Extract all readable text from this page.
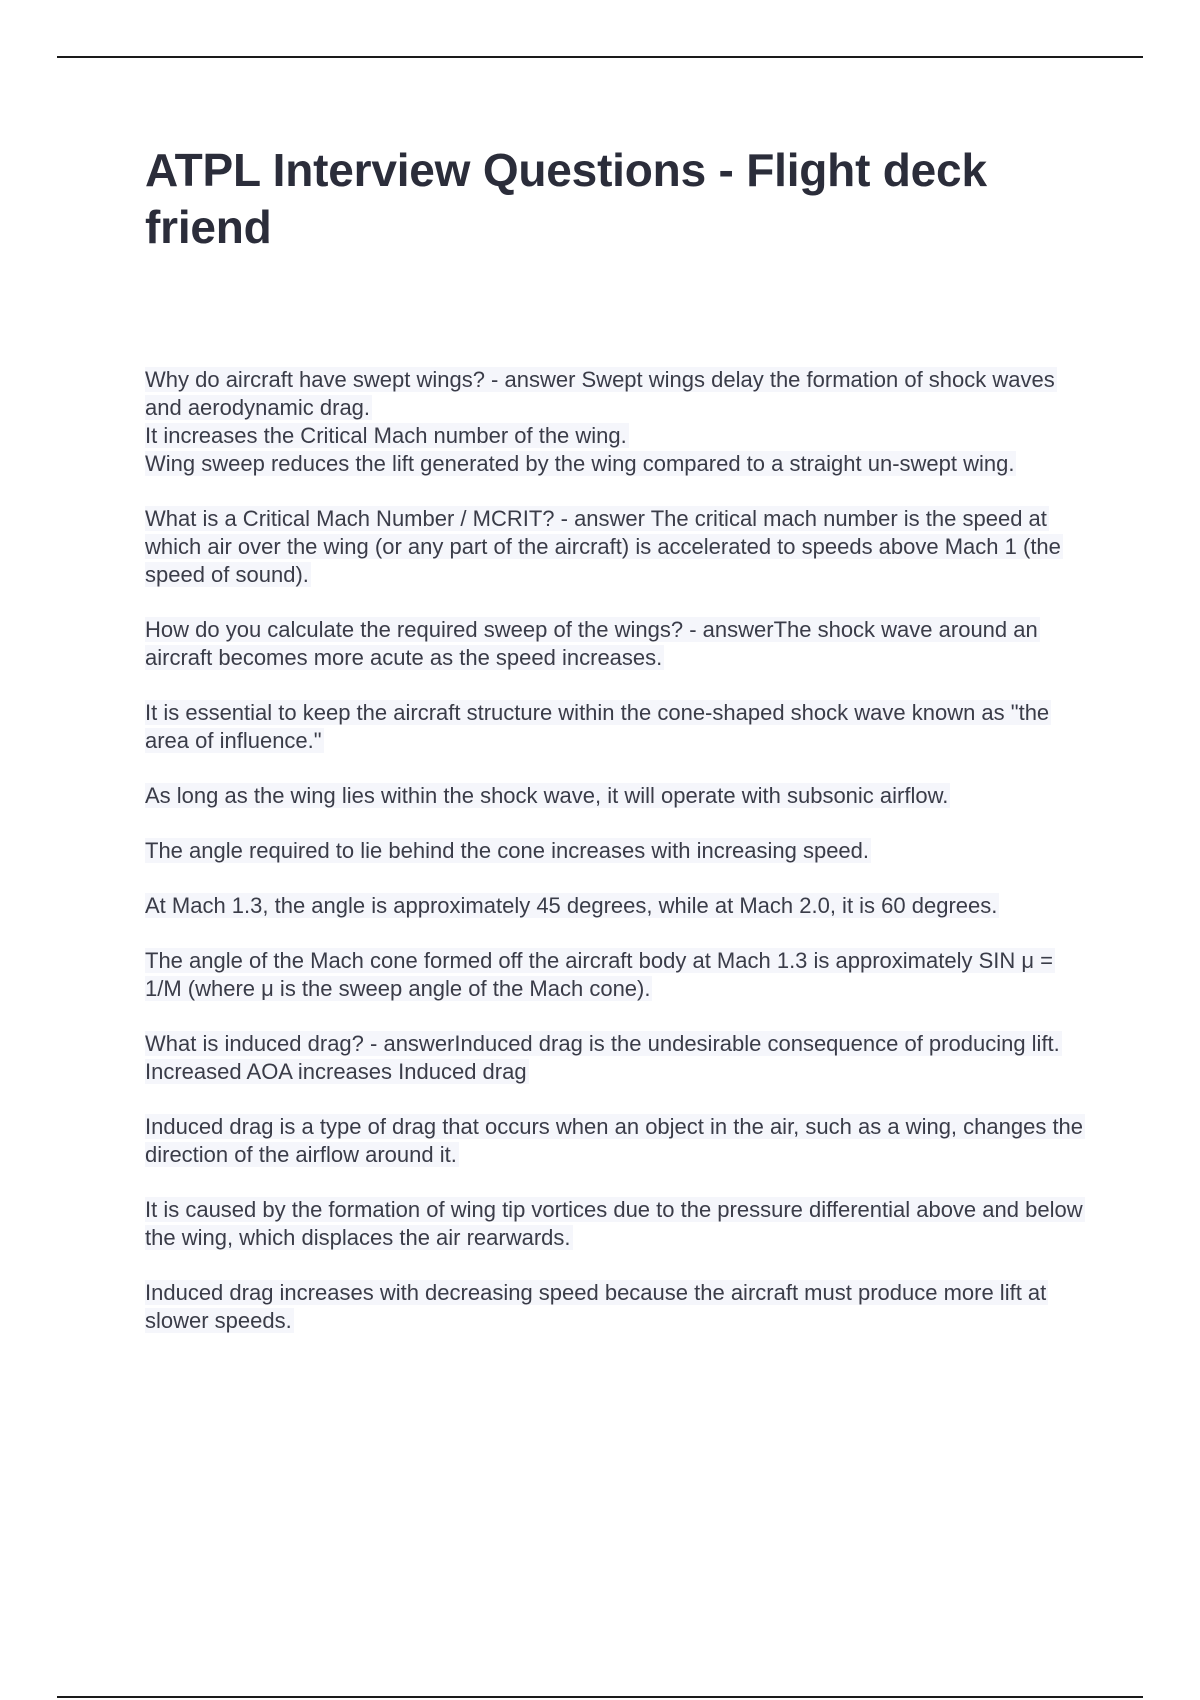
ATPL Interview Questions - Flight deck friend

Why do aircraft have swept wings? - answer Swept wings delay the formation of shock waves and aerodynamic drag.
It increases the Critical Mach number of the wing.
Wing sweep reduces the lift generated by the wing compared to a straight un-swept wing.

What is a Critical Mach Number / MCRIT? - answer The critical mach number is the speed at which air over the wing (or any part of the aircraft) is accelerated to speeds above Mach 1 (the speed of sound).

How do you calculate the required sweep of the wings? - answerThe shock wave around an aircraft becomes more acute as the speed increases.

It is essential to keep the aircraft structure within the cone-shaped shock wave known as "the area of influence."

As long as the wing lies within the shock wave, it will operate with subsonic airflow.

The angle required to lie behind the cone increases with increasing speed.

At Mach 1.3, the angle is approximately 45 degrees, while at Mach 2.0, it is 60 degrees.

The angle of the Mach cone formed off the aircraft body at Mach 1.3 is approximately SIN μ = 1/M (where μ is the sweep angle of the Mach cone).

What is induced drag? - answerInduced drag is the undesirable consequence of producing lift.
Increased AOA increases Induced drag

Induced drag is a type of drag that occurs when an object in the air, such as a wing, changes the direction of the airflow around it.

It is caused by the formation of wing tip vortices due to the pressure differential above and below the wing, which displaces the air rearwards.

Induced drag increases with decreasing speed because the aircraft must produce more lift at slower speeds.
